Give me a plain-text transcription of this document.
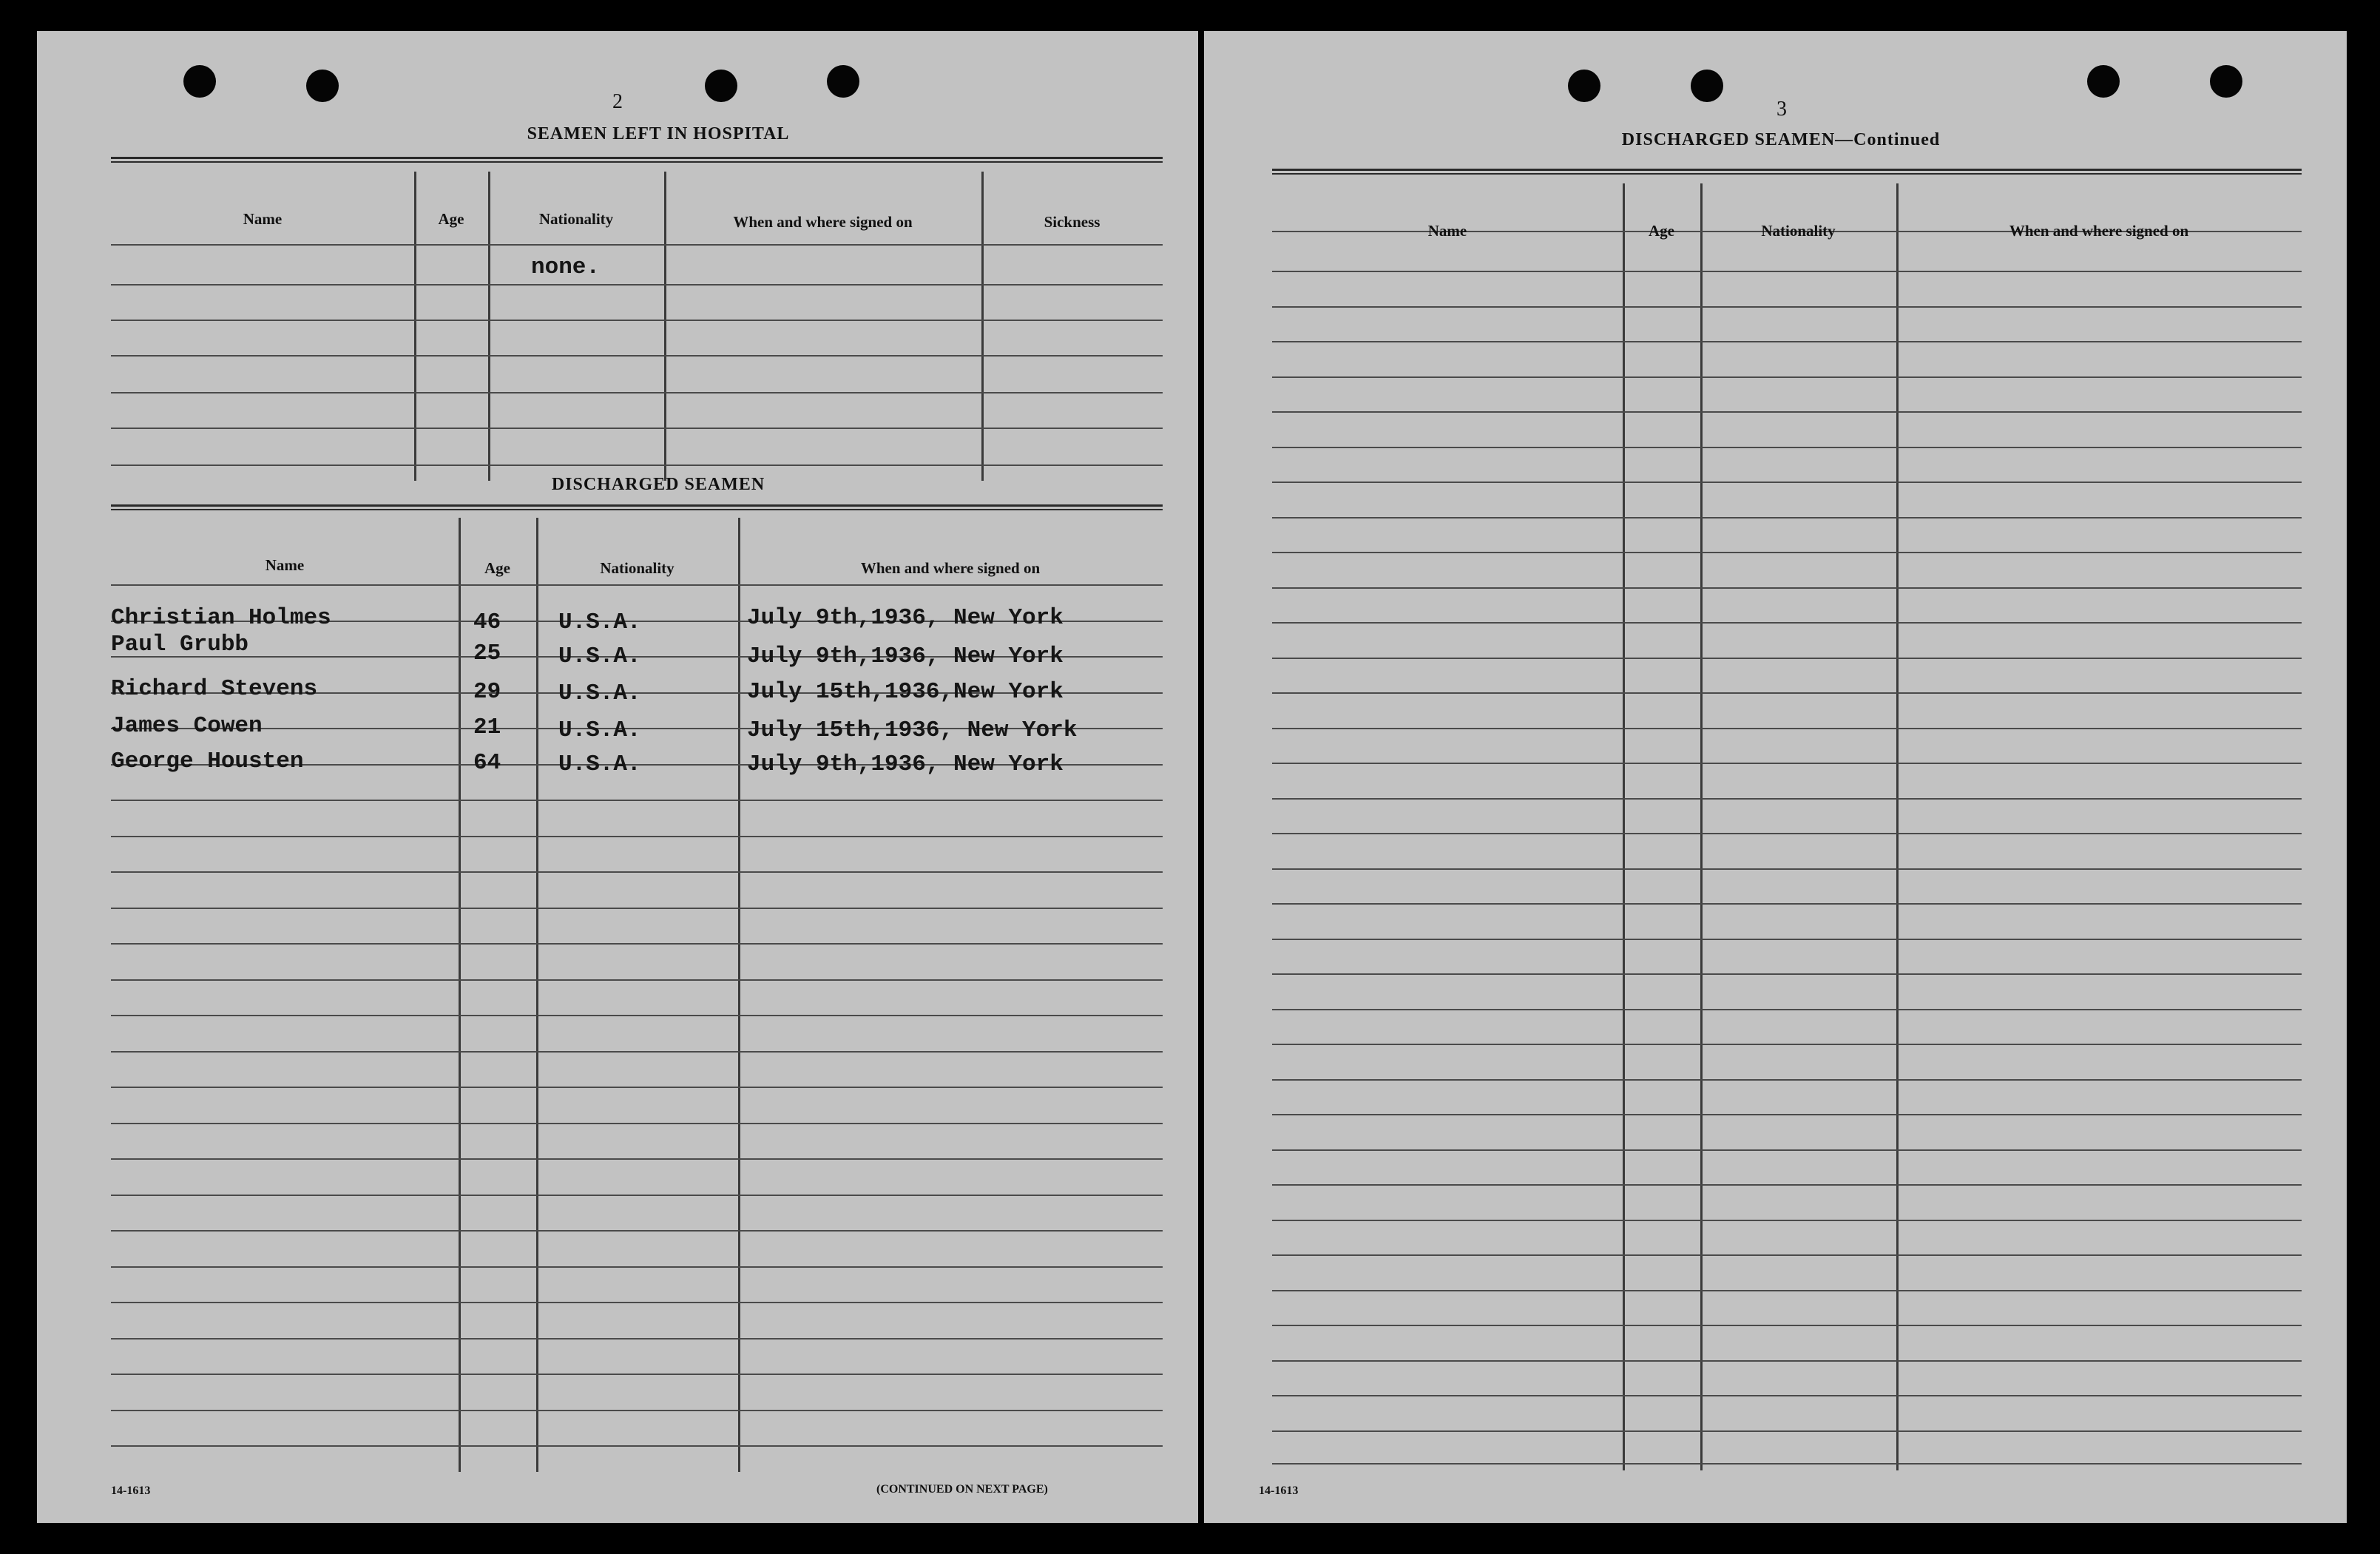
2
SEAMEN LEFT IN HOSPITAL
Name	Age	Nationality	When and where signed on	Sickness
none.
DISCHARGED SEAMEN
Name	Age	Nationality	When and where signed on
Christian Holmes	46	U.S.A.	July 9th,1936, New York
Paul Grubb	25	U.S.A.	July 9th,1936, New York
Richard Stevens	29	U.S.A.	July 15th,1936,New York
James Cowen	21	U.S.A.	July 15th,1936, New York
George Housten	64	U.S.A.	July 9th,1936, New York
14-1613	(CONTINUED ON NEXT PAGE)
3
DISCHARGED SEAMEN—Continued
Name	Age	Nationality	When and where signed on
14-1613
